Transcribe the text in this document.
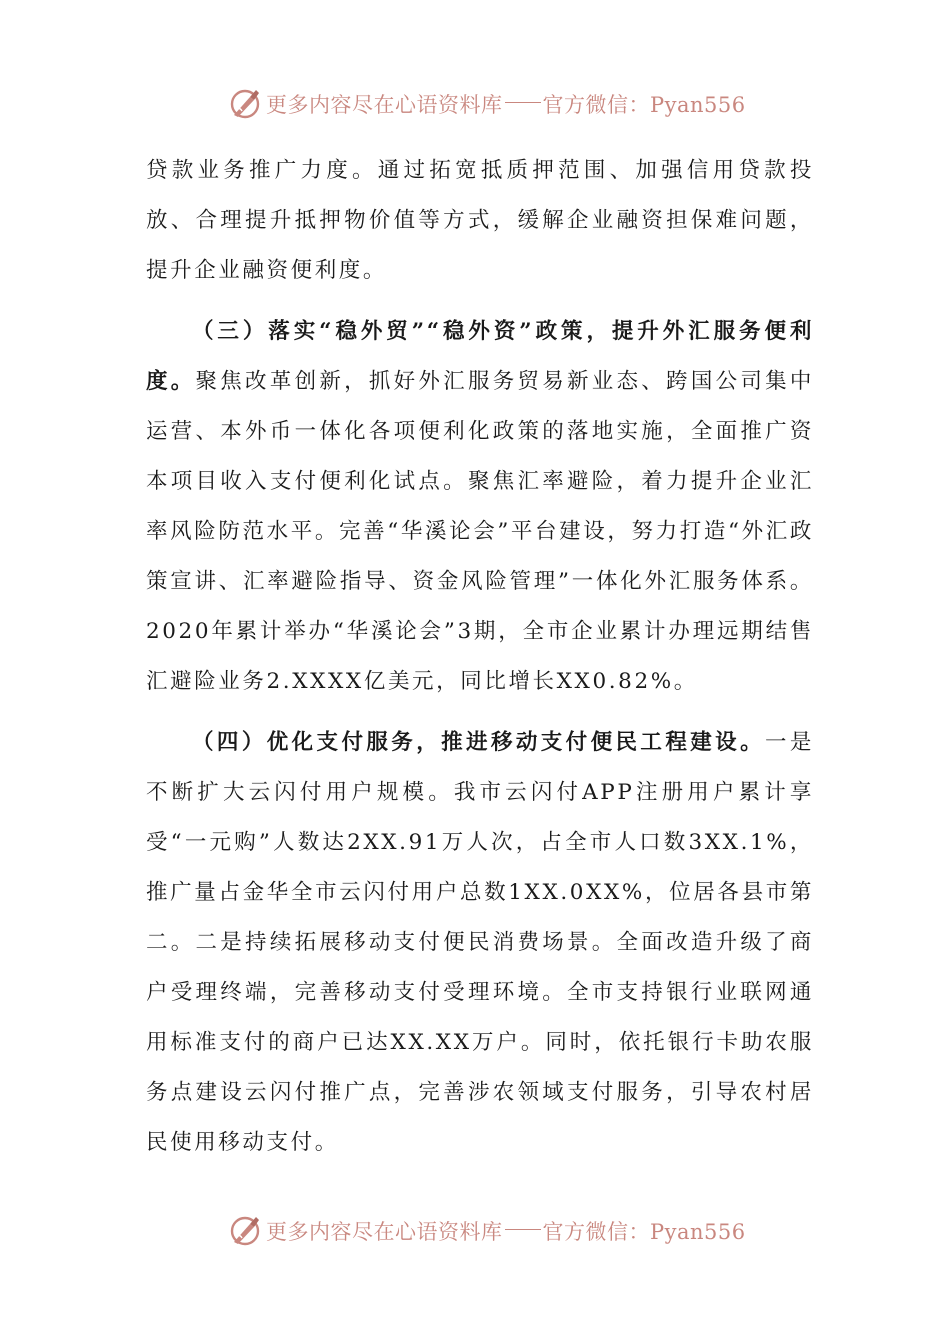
更多内容尽在心语资料库 官方微信：Pyan556

贷款业务推广力度。通过拓宽抵质押范围、加强信用贷款投放、合理提升抵押物价值等方式，缓解企业融资担保难问题，提升企业融资便利度。

（三）落实“稳外贸”“稳外资”政策，提升外汇服务便利度。聚焦改革创新，抓好外汇服务贸易新业态、跨国公司集中运营、本外币一体化各项便利化政策的落地实施，全面推广资本项目收入支付便利化试点。聚焦汇率避险，着力提升企业汇率风险防范水平。完善“华溪论会”平台建设，努力打造“外汇政策宣讲、汇率避险指导、资金风险管理”一体化外汇服务体系。2020年累计举办“华溪论会”3期，全市企业累计办理远期结售汇避险业务2.XXXX亿美元，同比增长XX0.82%。

（四）优化支付服务，推进移动支付便民工程建设。一是不断扩大云闪付用户规模。我市云闪付APP注册用户累计享受“一元购”人数达2XX.91万人次，占全市人口数3XX.1%，推广量占金华全市云闪付用户总数1XX.0XX%，位居各县市第二。二是持续拓展移动支付便民消费场景。全面改造升级了商户受理终端，完善移动支付受理环境。全市支持银行业联网通用标准支付的商户已达XX.XX万户。同时，依托银行卡助农服务点建设云闪付推广点，完善涉农领域支付服务，引导农村居民使用移动支付。

更多内容尽在心语资料库 官方微信：Pyan556
